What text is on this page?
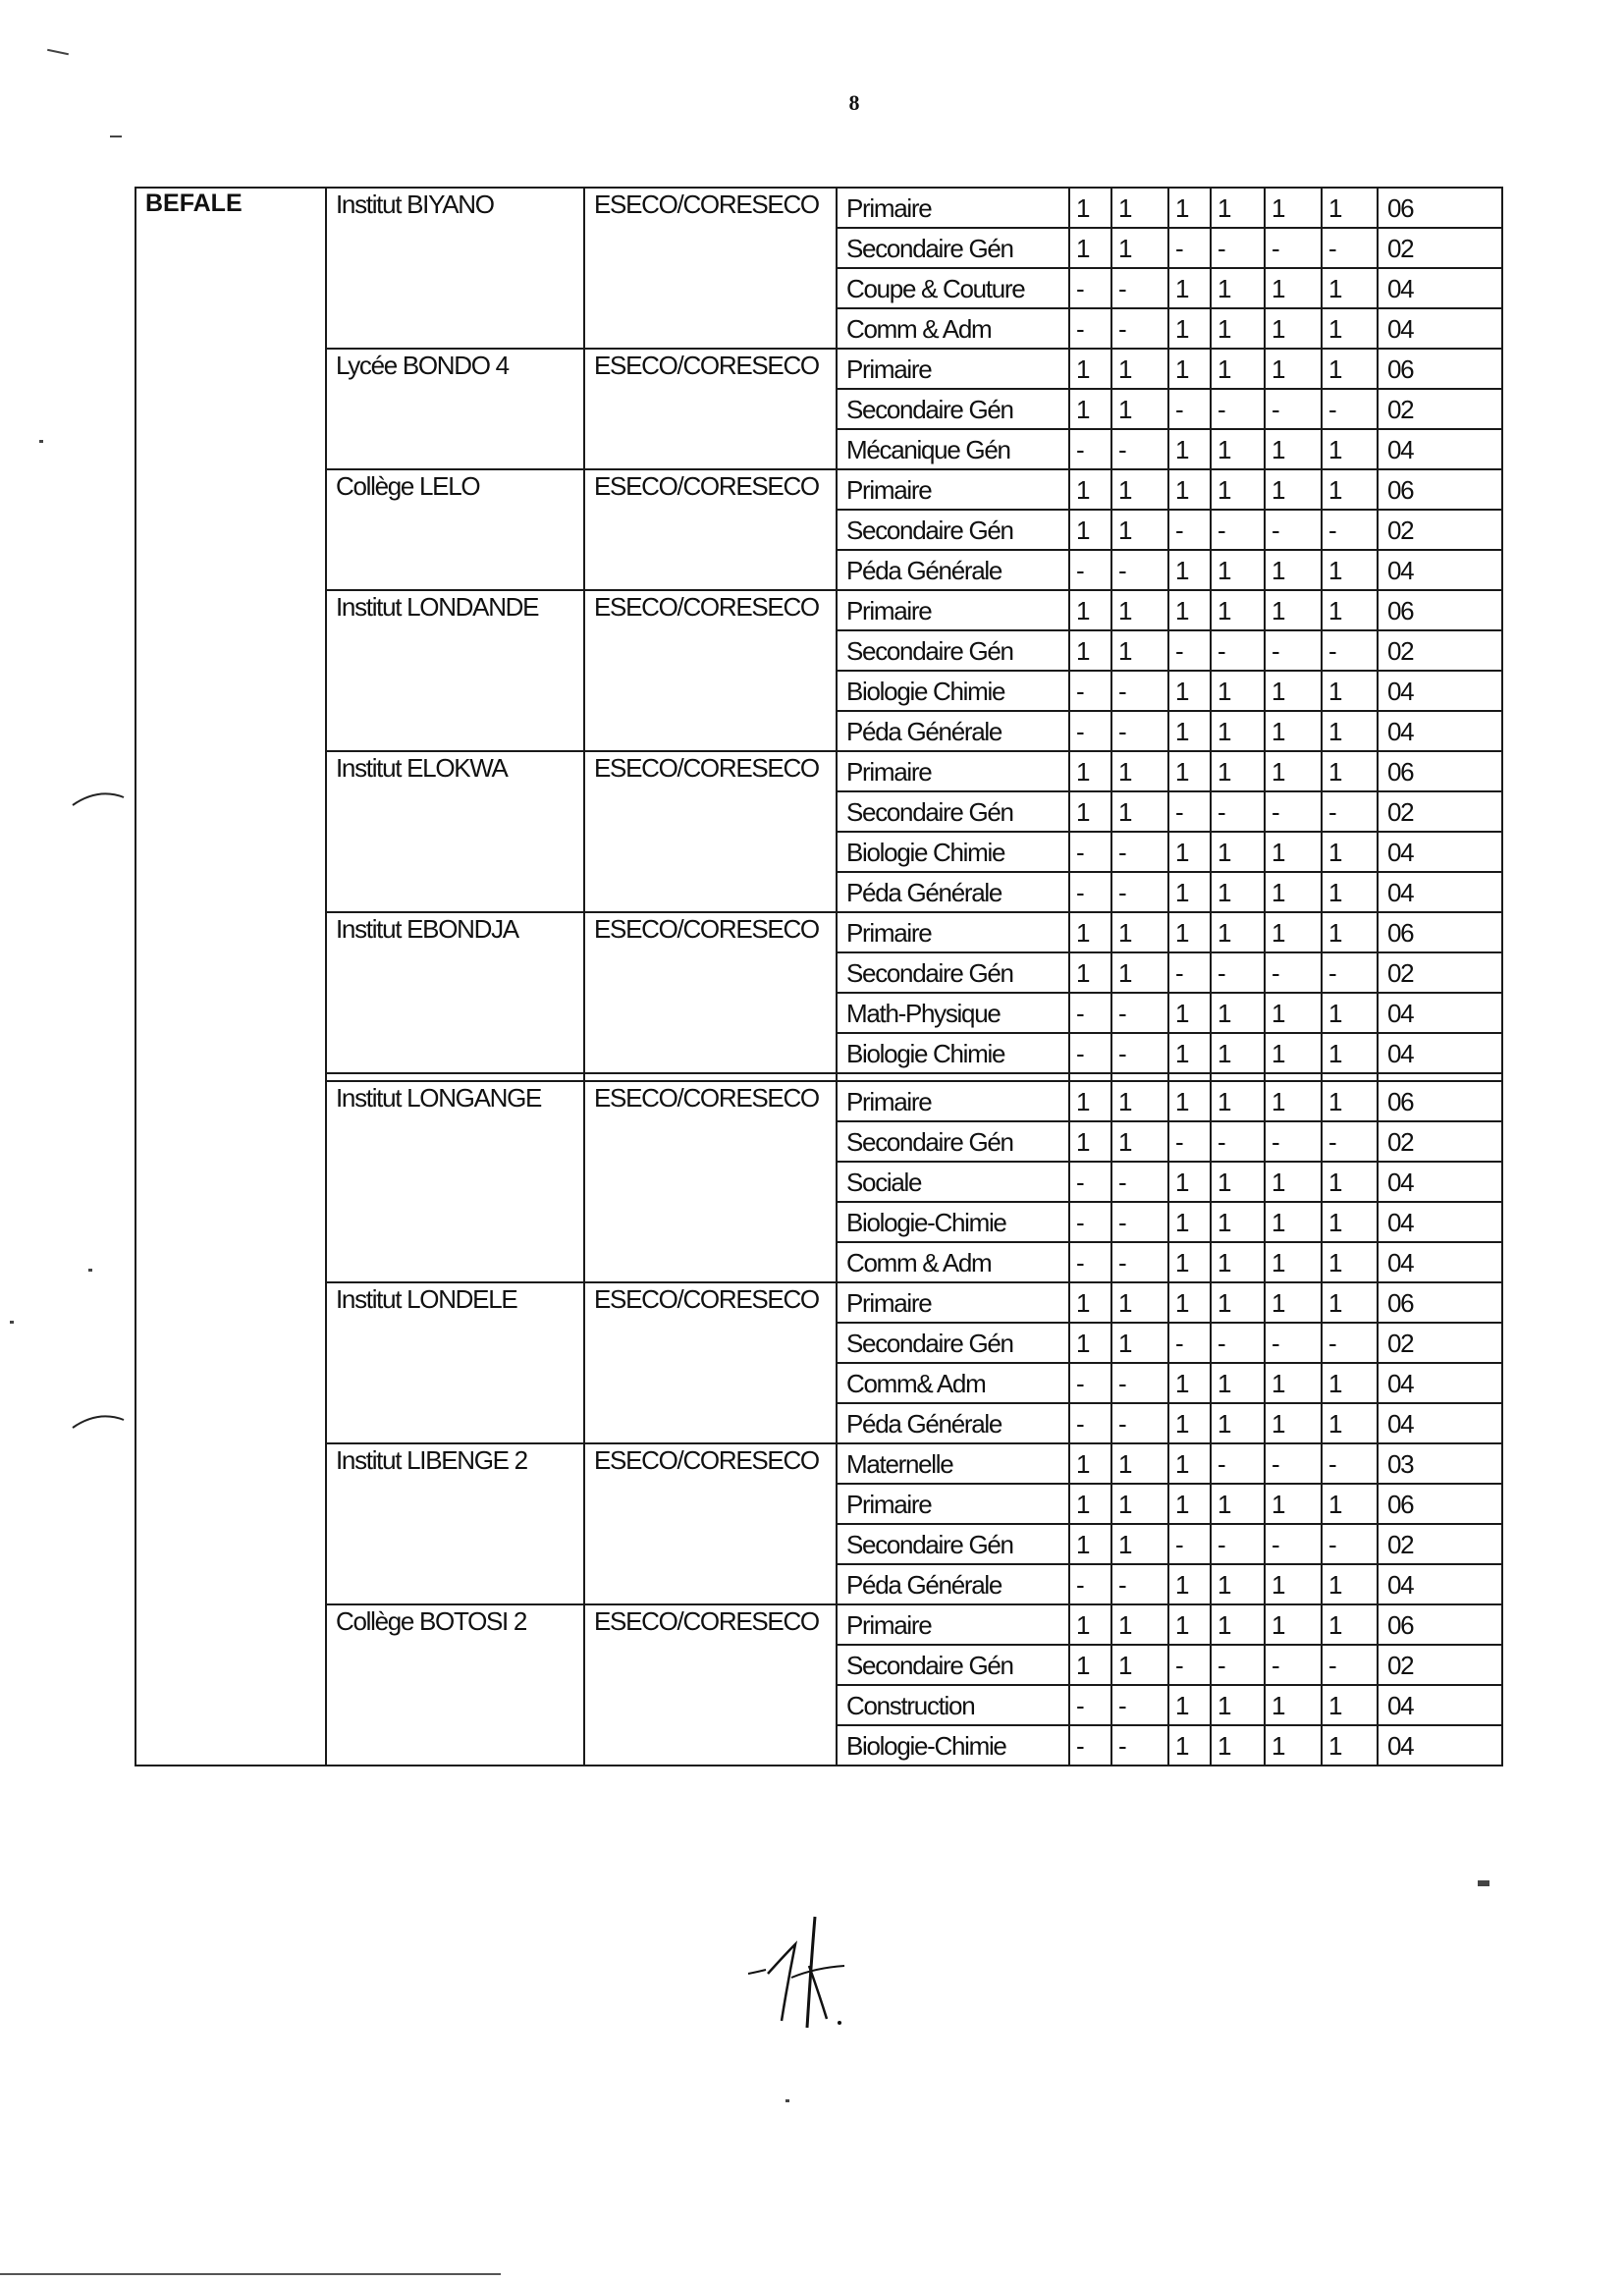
8
BEFALE	Institut BIYANO	ESECO/CORESECO	Primaire	1	1	1	1	1	1	06
			Secondaire Gén	1	1	-	-	-	-	02
			Coupe & Couture	-	-	1	1	1	1	04
			Comm & Adm	-	-	1	1	1	1	04
	Lycée BONDO 4	ESECO/CORESECO	Primaire	1	1	1	1	1	1	06
			Secondaire Gén	1	1	-	-	-	-	02
			Mécanique Gén	-	-	1	1	1	1	04
	Collège LELO	ESECO/CORESECO	Primaire	1	1	1	1	1	1	06
			Secondaire Gén	1	1	-	-	-	-	02
			Péda Générale	-	-	1	1	1	1	04
	Institut LONDANDE	ESECO/CORESECO	Primaire	1	1	1	1	1	1	06
			Secondaire Gén	1	1	-	-	-	-	02
			Biologie Chimie	-	-	1	1	1	1	04
			Péda Générale	-	-	1	1	1	1	04
	Institut ELOKWA	ESECO/CORESECO	Primaire	1	1	1	1	1	1	06
			Secondaire Gén	1	1	-	-	-	-	02
			Biologie Chimie	-	-	1	1	1	1	04
			Péda Générale	-	-	1	1	1	1	04
	Institut EBONDJA	ESECO/CORESECO	Primaire	1	1	1	1	1	1	06
			Secondaire Gén	1	1	-	-	-	-	02
			Math-Physique	-	-	1	1	1	1	04
			Biologie Chimie	-	-	1	1	1	1	04

	Institut LONGANGE	ESECO/CORESECO	Primaire	1	1	1	1	1	1	06
			Secondaire Gén	1	1	-	-	-	-	02
			Sociale	-	-	1	1	1	1	04
			Biologie-Chimie	-	-	1	1	1	1	04
			Comm & Adm	-	-	1	1	1	1	04
	Institut LONDELE	ESECO/CORESECO	Primaire	1	1	1	1	1	1	06
			Secondaire Gén	1	1	-	-	-	-	02
			Comm& Adm	-	-	1	1	1	1	04
			Péda Générale	-	-	1	1	1	1	04
	Institut LIBENGE 2	ESECO/CORESECO	Maternelle	1	1	1	-	-	-	03
			Primaire	1	1	1	1	1	1	06
			Secondaire Gén	1	1	-	-	-	-	02
			Péda Générale	-	-	1	1	1	1	04
	Collège BOTOSI 2	ESECO/CORESECO	Primaire	1	1	1	1	1	1	06
			Secondaire Gén	1	1	-	-	-	-	02
			Construction	-	-	1	1	1	1	04
			Biologie-Chimie	-	-	1	1	1	1	04
